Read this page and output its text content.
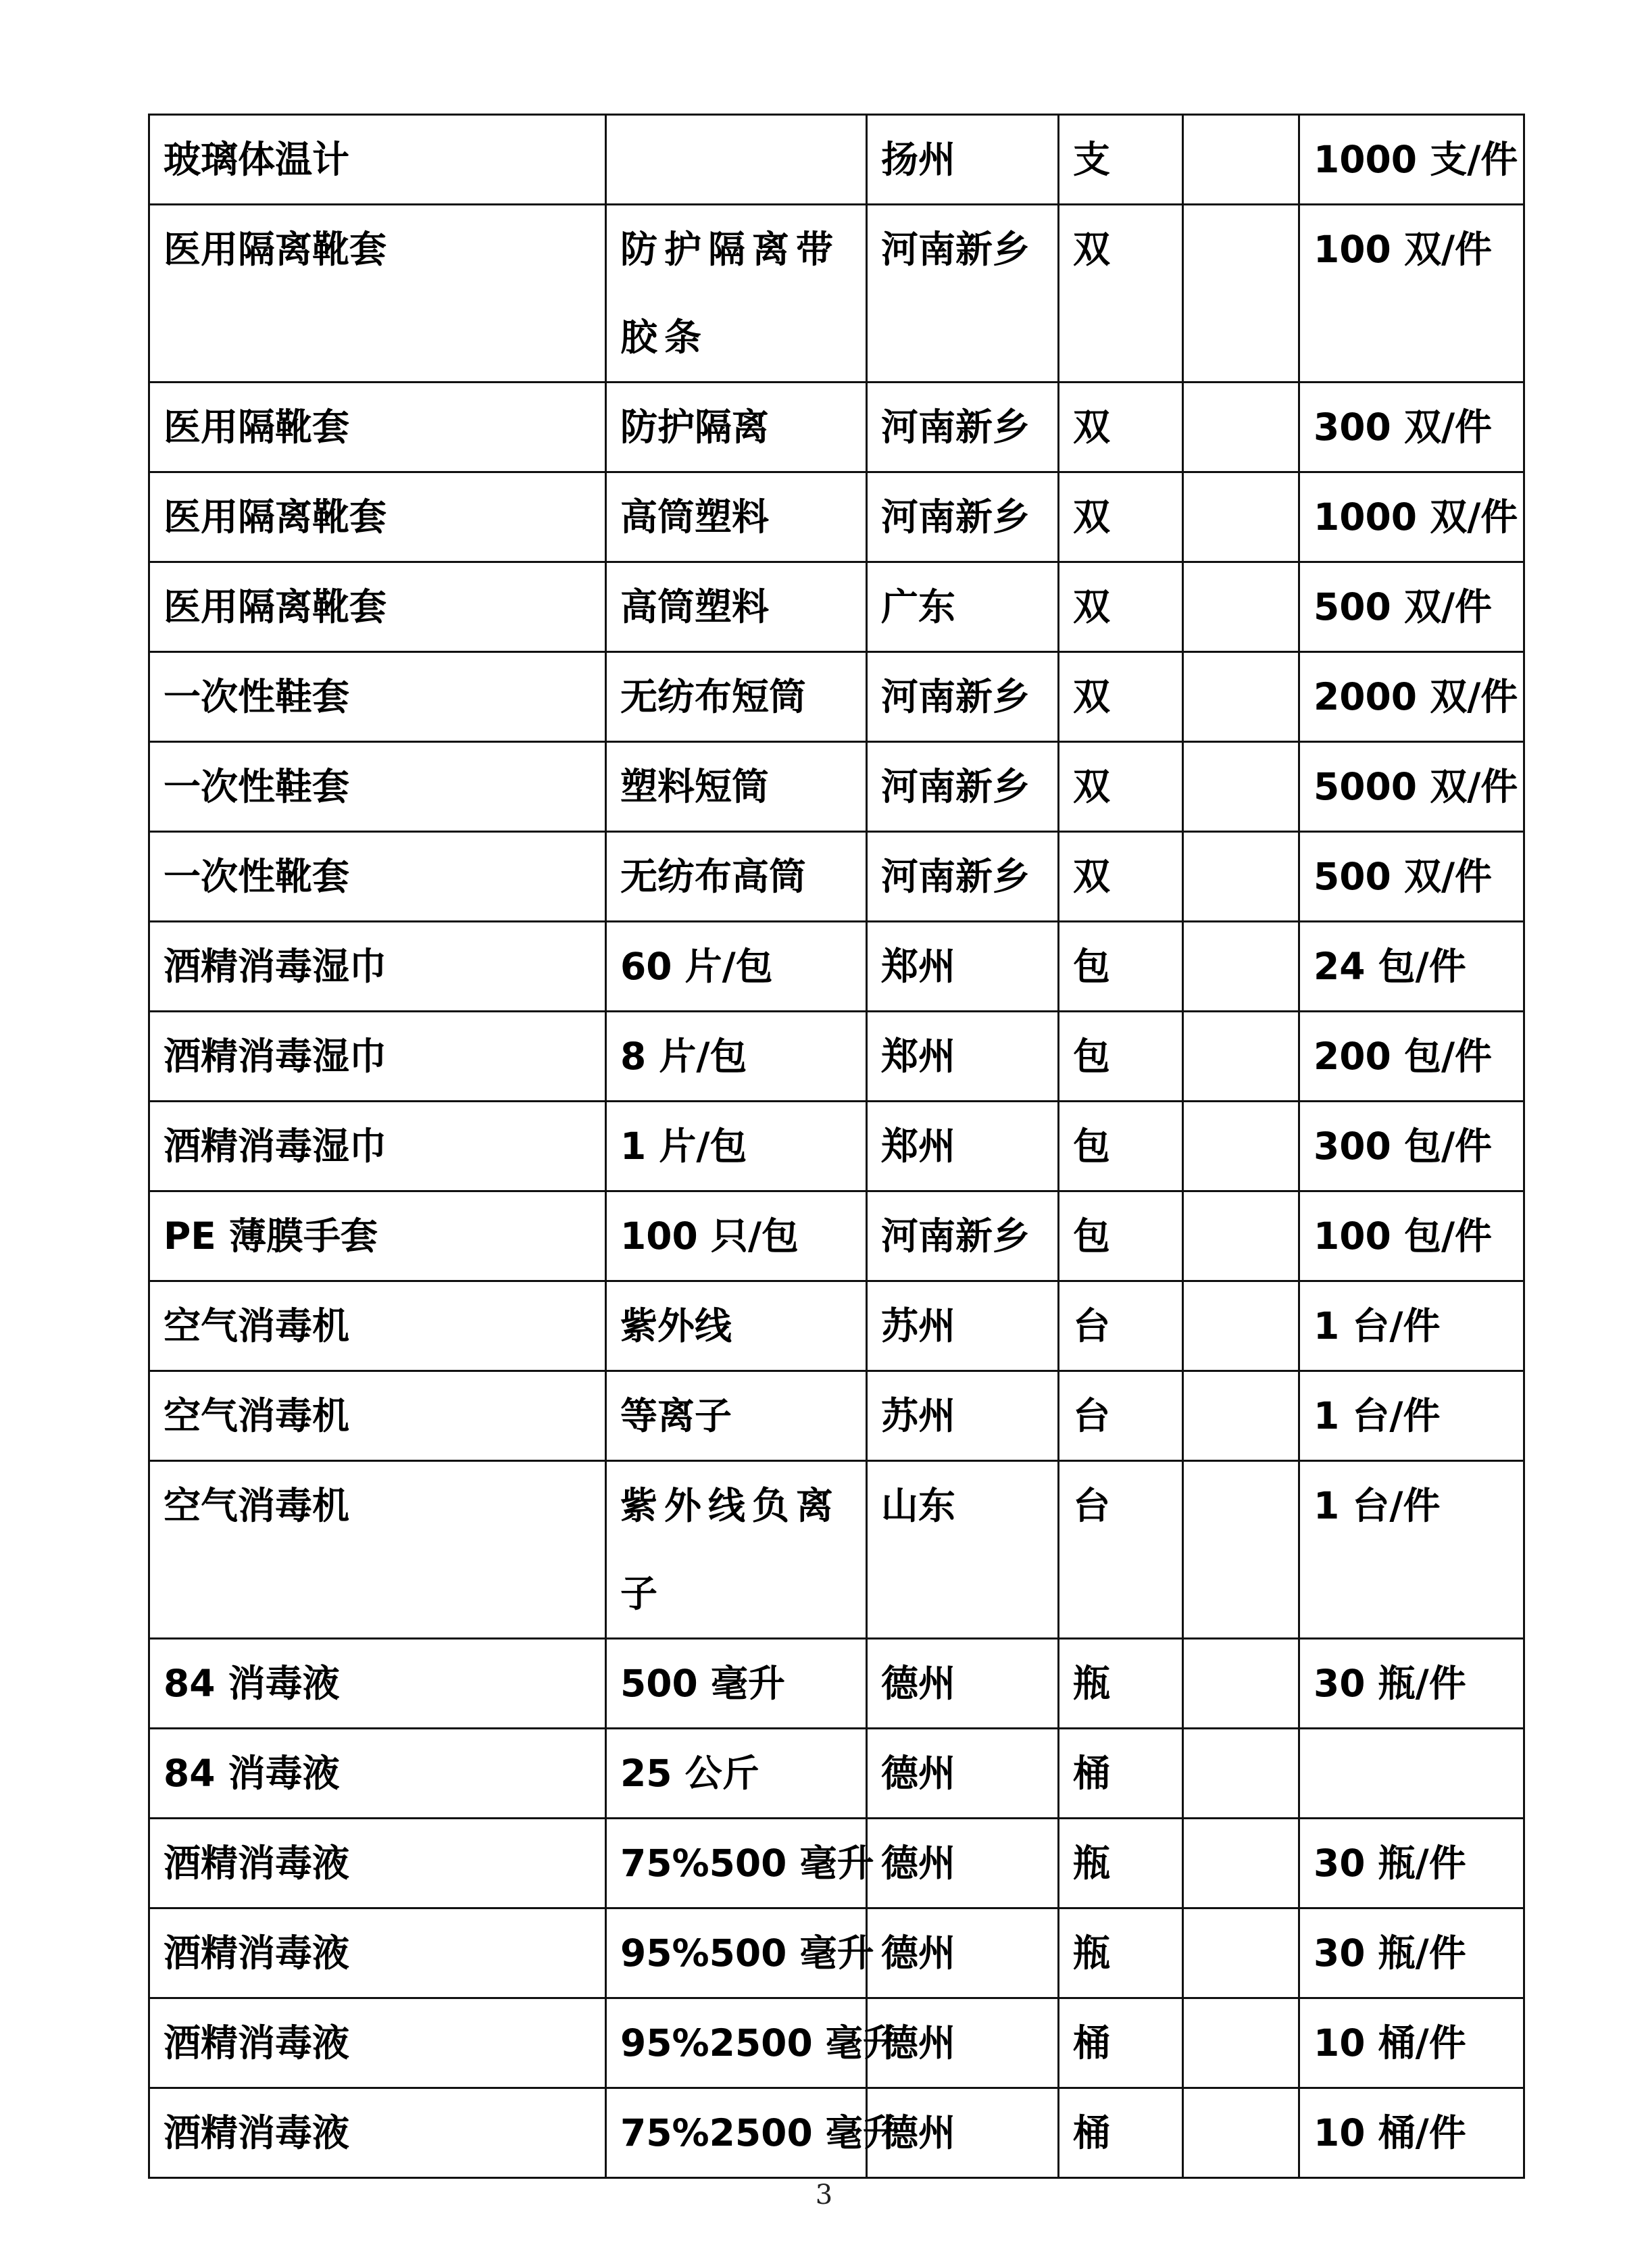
玻璃体温计		扬州	支		1000 支/件
医用隔离靴套	防护隔离带胶条	河南新乡	双		100 双/件
医用隔靴套	防护隔离	河南新乡	双		300 双/件
医用隔离靴套	高筒塑料	河南新乡	双		1000 双/件
医用隔离靴套	高筒塑料	广东	双		500 双/件
一次性鞋套	无纺布短筒	河南新乡	双		2000 双/件
一次性鞋套	塑料短筒	河南新乡	双		5000 双/件
一次性靴套	无纺布高筒	河南新乡	双		500 双/件
酒精消毒湿巾	60 片/包	郑州	包		24 包/件
酒精消毒湿巾	8 片/包	郑州	包		200 包/件
酒精消毒湿巾	1 片/包	郑州	包		300 包/件
PE 薄膜手套	100 只/包	河南新乡	包		100 包/件
空气消毒机	紫外线	苏州	台		1 台/件
空气消毒机	等离子	苏州	台		1 台/件
空气消毒机	紫外线负离子	山东	台		1 台/件
84 消毒液	500 毫升	德州	瓶		30 瓶/件
84 消毒液	25 公斤	德州	桶		
酒精消毒液	75%500 毫升	德州	瓶		30 瓶/件
酒精消毒液	95%500 毫升	德州	瓶		30 瓶/件
酒精消毒液	95%2500 毫升	德州	桶		10 桶/件
酒精消毒液	75%2500 毫升	德州	桶		10 桶/件
3
